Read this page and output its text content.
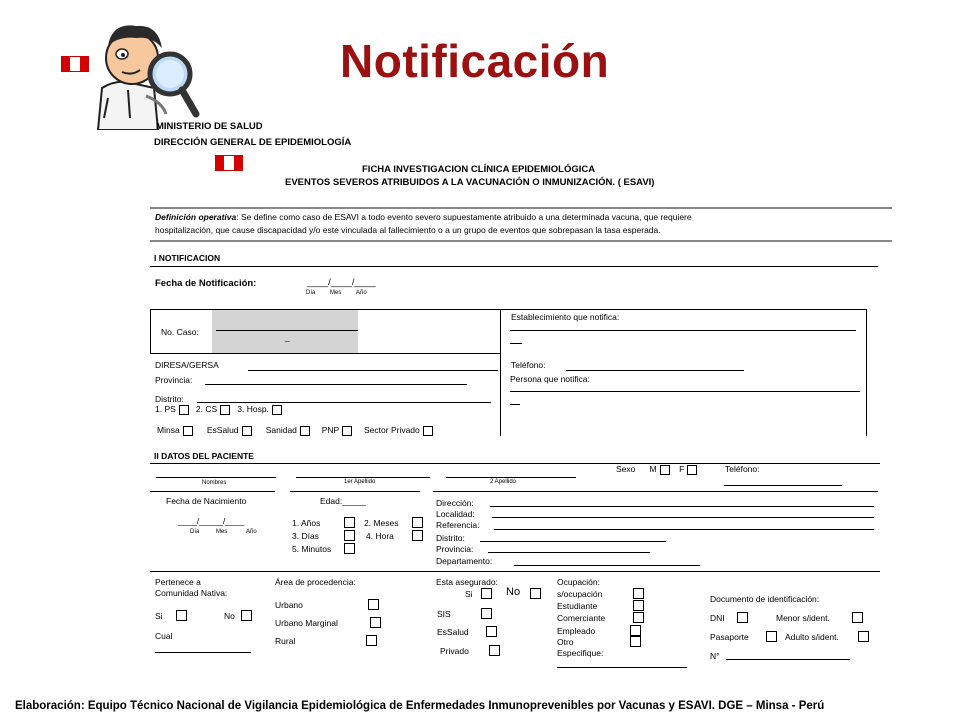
Notificación
MINISTERIO DE SALUD
DIRECCIÓN GENERAL DE EPIDEMIOLOGÍA
FICHA INVESTIGACION CLÍNICA EPIDEMIOLÓGICA
EVENTOS SEVEROS ATRIBUIDOS A LA VACUNACIÓN O INMUNIZACIÓN. ( ESAVI)
Definición operativa: Se define como caso de ESAVI a todo evento severo supuestamente atribuido a una determinada vacuna, que requiere
hospitalización, que cause discapacidad y/o este vinculada al fallecimiento o a un grupo de eventos que sobrepasan la tasa esperada.
I NOTIFICACION
Fecha de Notificación:	____/____/____
Día Mes Año
No. Caso:	_
Establecimiento que notifica:
DIRESA/GERSA	Teléfono:
Provincia:	Persona que notifica:
Distrito:
1. PS 2. CS 3. Hosp.
Minsa	EsSalud	Sanidad	PNP	Sector Privado
II DATOS DEL PACIENTE
Sexo M	F	Teléfono:
Nombres	1er Apellido	2 Apellido
Fecha de Nacimiento
____/_____/____
Día	Mes	Año
Edad:_____
1. Años	2. Meses
3. Días	4. Hora
5. Minutos
Dirección:
Localidad:
Referencia:
Distrito:
Provincia:
Departamento:
Pertenece a
Comunidad Nativa:
Si	No
Cual
Área de procedencia:
Urbano
Urbano Marginal
Rural
Esta asegurado:
Si	No
SIS
EsSalud
Privado
Ocupación:
s/ocupación
Estudiante
Comerciante
Empleado
Otro
Especifique:
Documento de identificación:
DNI	Menor s/ident.
Pasaporte	Adulto s/ident.
N°
Elaboración: Equipo Técnico Nacional de Vigilancia Epidemiológica de Enfermedades Inmunoprevenibles por Vacunas y ESAVI. DGE – Minsa - Perú
